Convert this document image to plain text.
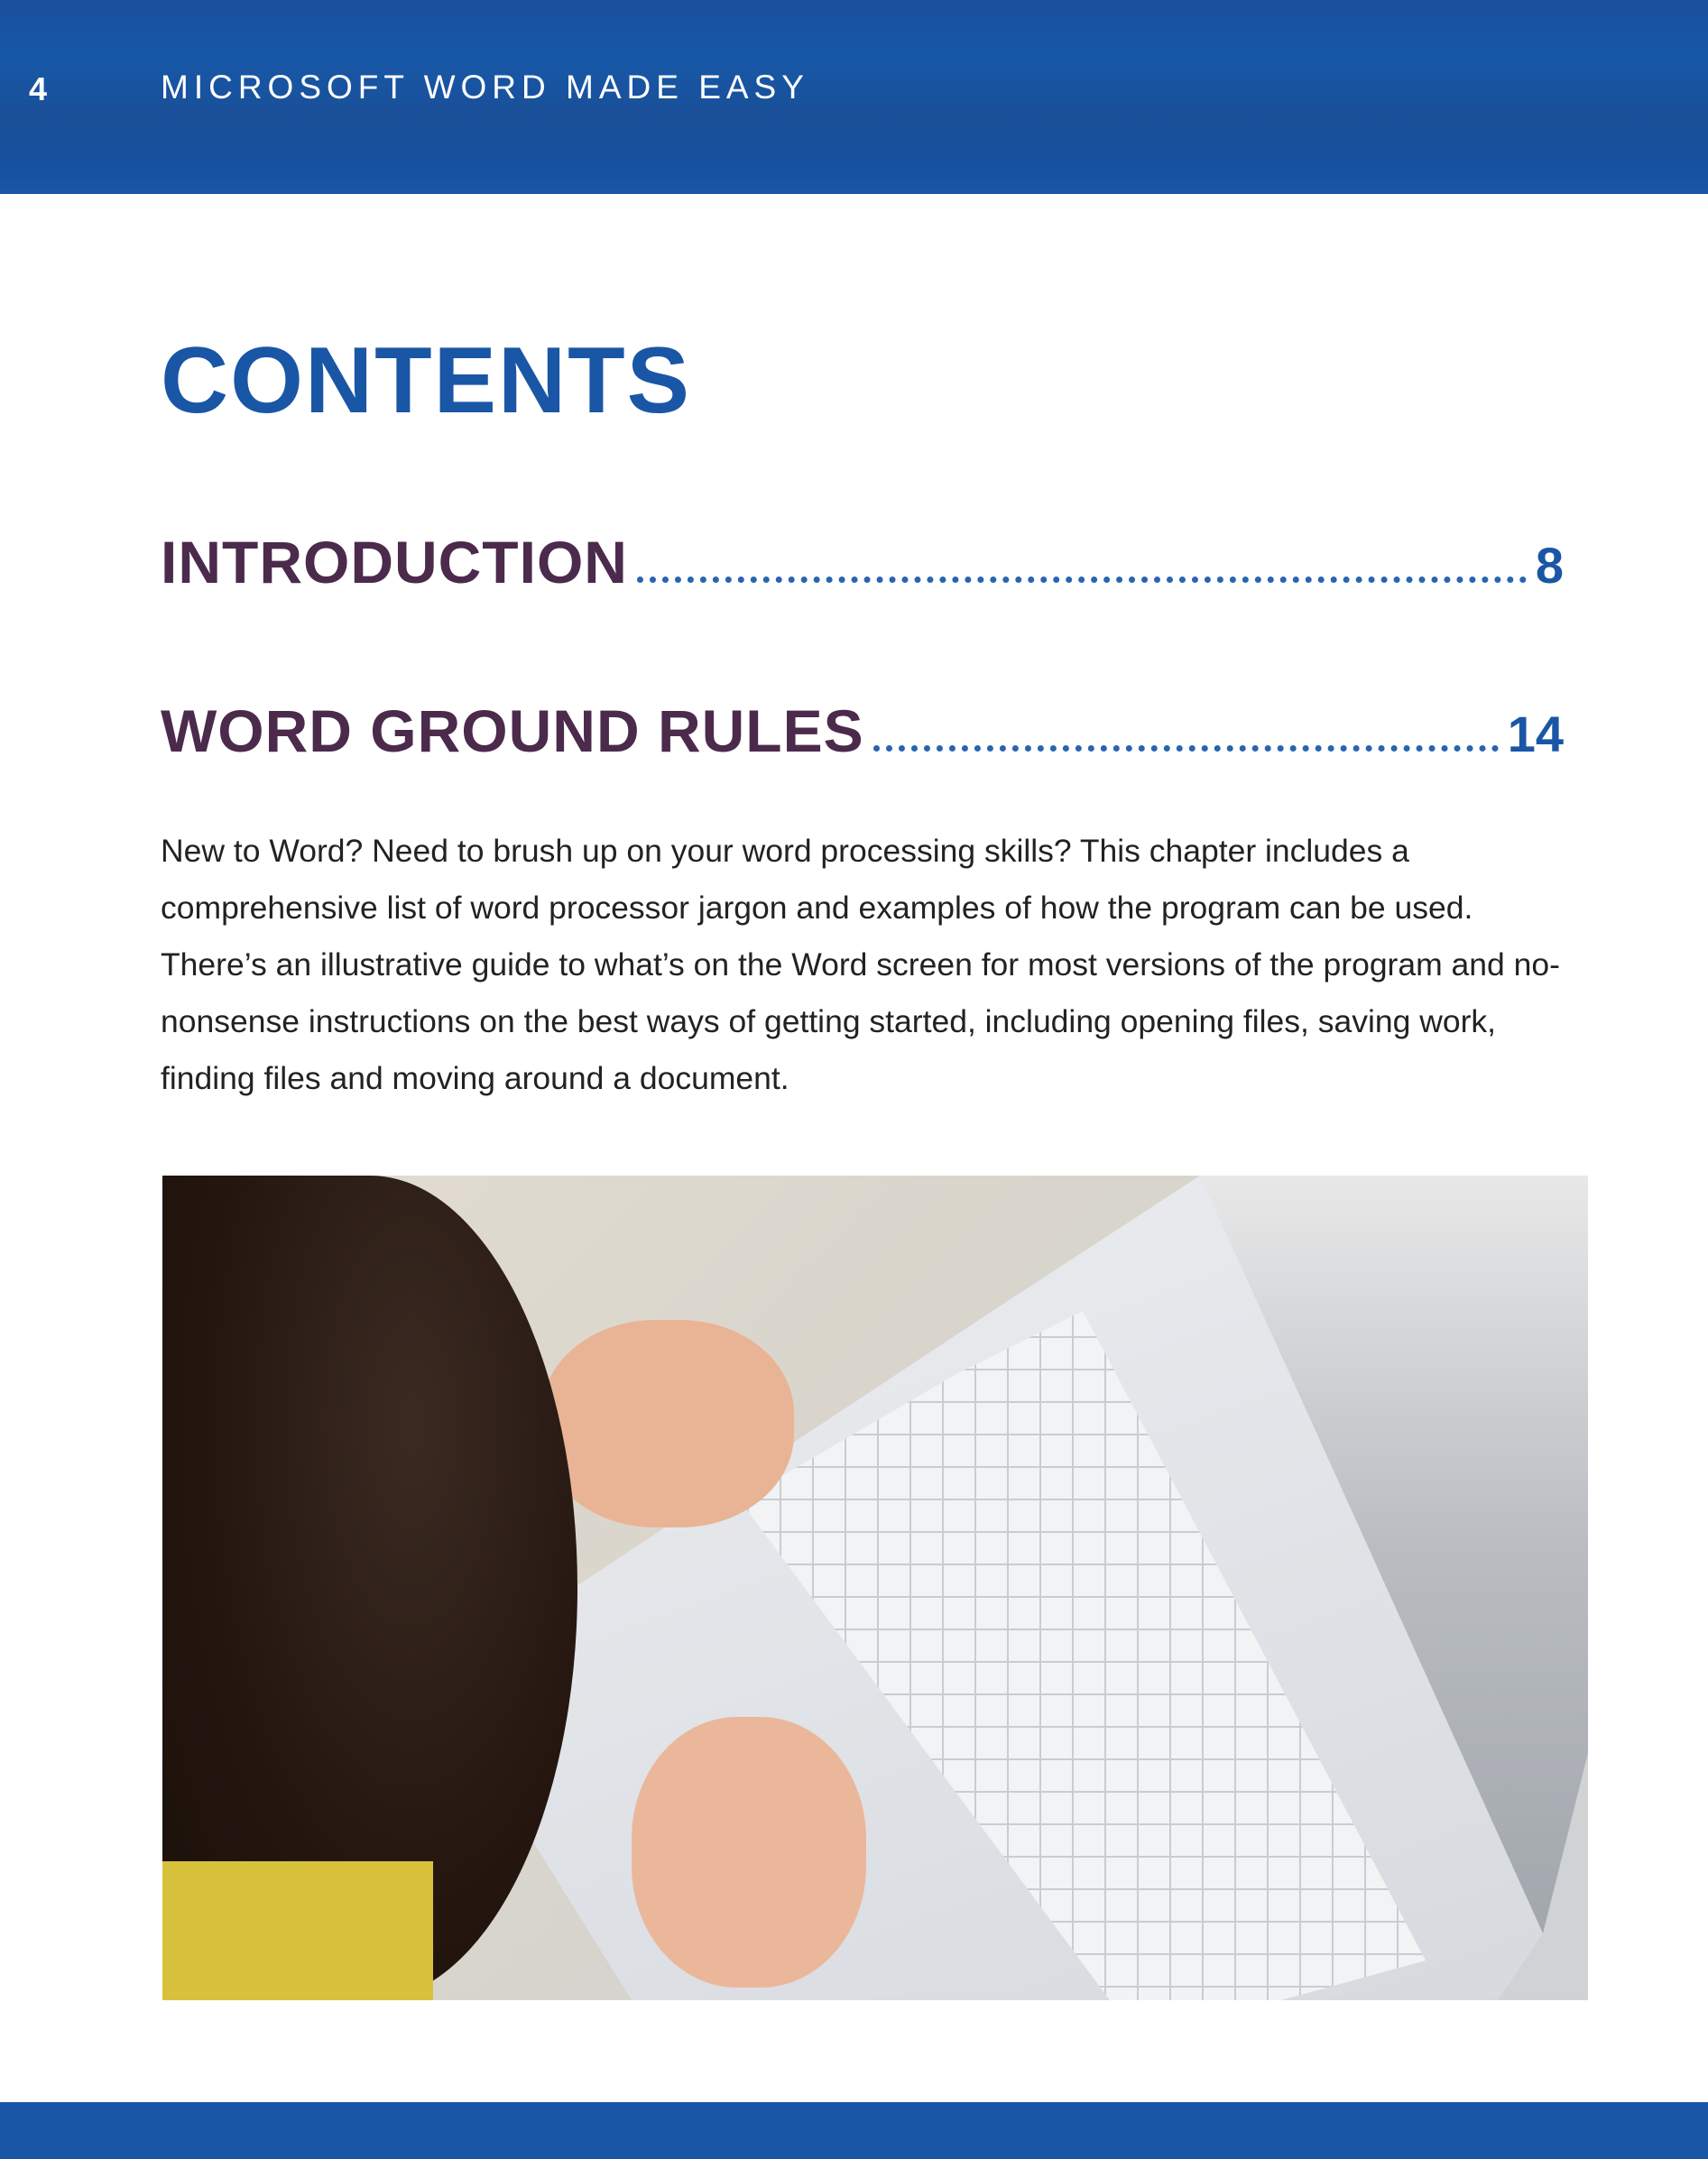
4	MICROSOFT WORD MADE EASY
CONTENTS
INTRODUCTION	8
WORD GROUND RULES	14

New to Word? Need to brush up on your word processing skills? This chapter includes a comprehensive list of word processor jargon and examples of how the program can be used. There’s an illustrative guide to what’s on the Word screen for most versions of the program and no-nonsense instructions on the best ways of getting started, including opening files, saving work, finding files and moving around a document.
